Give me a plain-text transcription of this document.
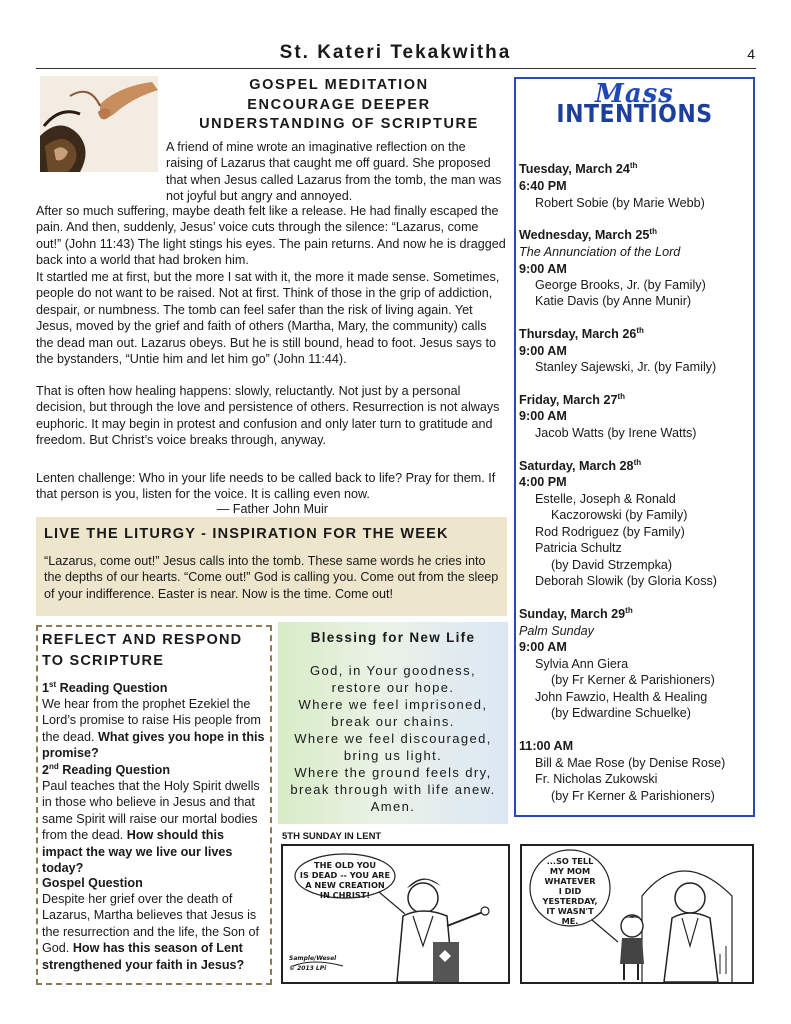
St. Kateri Tekakwitha	4
GOSPEL MEDITATION
ENCOURAGE DEEPER
UNDERSTANDING OF SCRIPTURE
A friend of mine wrote an imaginative reflection on the raising of Lazarus that caught me off guard. She proposed that when Jesus called Lazarus from the tomb, the man was not joyful but angry and annoyed.
After so much suffering, maybe death felt like a release. He had finally escaped the pain. And then, suddenly, Jesus’ voice cuts through the silence: “Lazarus, come out!” (John 11:43) The light stings his eyes. The pain returns. And now he is dragged back into a world that had broken him.
It startled me at first, but the more I sat with it, the more it made sense. Sometimes, people do not want to be raised. Not at first. Think of those in the grip of addiction, despair, or numbness. The tomb can feel safer than the risk of living again. Yet Jesus, moved by the grief and faith of others (Martha, Mary, the community) calls the dead man out. Lazarus obeys. But he is still bound, head to foot. Jesus says to the bystanders, “Untie him and let him go” (John 11:44).
That is often how healing happens: slowly, reluctantly. Not just by a personal decision, but through the love and persistence of others. Resurrection is not always euphoric. It may begin in protest and confusion and only later turn to gratitude and freedom. But Christ’s voice breaks through, anyway.
Lenten challenge: Who in your life needs to be called back to life? Pray for them. If that person is you, listen for the voice. It is calling even now.
— Father John Muir
LIVE THE LITURGY - INSPIRATION FOR THE WEEK
“Lazarus, come out!” Jesus calls into the tomb. These same words he cries into the depths of our hearts. “Come out!” God is calling you. Come out from the sleep of your indifference. Easter is near. Now is the time. Come out!
REFLECT AND RESPOND TO SCRIPTURE
1st Reading Question
We hear from the prophet Ezekiel the Lord’s promise to raise His people from the dead. What gives you hope in this promise?
2nd Reading Question
Paul teaches that the Holy Spirit dwells in those who believe in Jesus and that same Spirit will raise our mortal bodies from the dead. How should this impact the way we live our lives today?
Gospel Question
Despite her grief over the death of Lazarus, Martha believes that Jesus is the resurrection and the life, the Son of God. How has this season of Lent strengthened your faith in Jesus?
Blessing for New Life
God, in Your goodness,
restore our hope.
Where we feel imprisoned,
break our chains.
Where we feel discouraged,
bring us light.
Where the ground feels dry,
break through with life anew.
Amen.
5TH SUNDAY IN LENT
THE OLD YOU
IS DEAD -- YOU ARE
A NEW CREATION
IN CHRIST!
Sample/Wesel
© 2013 LPi
...SO TELL
MY MOM
WHATEVER
I DID
YESTERDAY,
IT WASN'T
ME.
Mass
INTENTIONS
Tuesday, March 24th
6:40 PM
Robert Sobie (by Marie Webb)
Wednesday, March 25th
The Annunciation of the Lord
9:00 AM
George Brooks, Jr. (by Family)
Katie Davis (by Anne Munir)
Thursday, March 26th
9:00 AM
Stanley Sajewski, Jr. (by Family)
Friday, March 27th
9:00 AM
Jacob Watts (by Irene Watts)
Saturday, March 28th
4:00 PM
Estelle, Joseph & Ronald
Kaczorowski (by Family)
Rod Rodriguez (by Family)
Patricia Schultz
(by David Strzempka)
Deborah Slowik (by Gloria Koss)
Sunday, March 29th
Palm Sunday
9:00 AM
Sylvia Ann Giera
(by Fr Kerner & Parishioners)
John Fawzio, Health & Healing
(by Edwardine Schuelke)
11:00 AM
Bill & Mae Rose (by Denise Rose)
Fr. Nicholas Zukowski
(by Fr Kerner & Parishioners)
